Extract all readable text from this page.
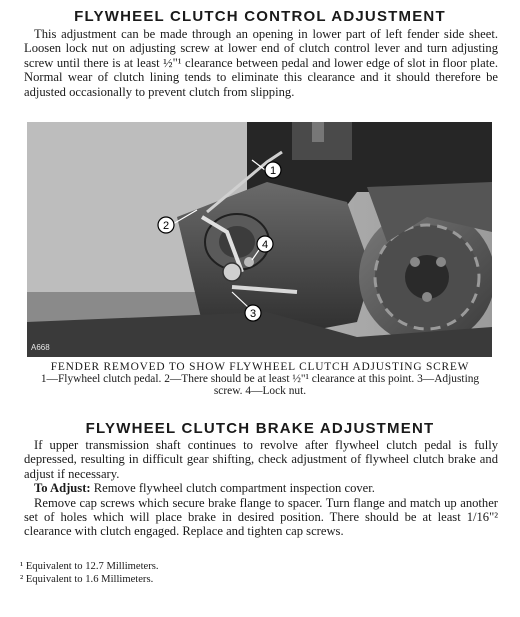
FLYWHEEL CLUTCH CONTROL ADJUSTMENT

This adjustment can be made through an opening in lower part of left fender side sheet. Loosen lock nut on adjusting screw at lower end of clutch control lever and turn adjusting screw until there is at least ½"¹ clearance between pedal and lower edge of slot in floor plate. Normal wear of clutch lining tends to eliminate this clearance and it should therefore be adjusted occasionally to prevent clutch from slipping.

1
2
3
4
A668
FENDER REMOVED TO SHOW FLYWHEEL CLUTCH ADJUSTING SCREW
1—Flywheel clutch pedal. 2—There should be at least ½"¹ clearance at this point. 3—Adjusting screw. 4—Lock nut.
FLYWHEEL CLUTCH BRAKE ADJUSTMENT

If upper transmission shaft continues to revolve after flywheel clutch pedal is fully depressed, resulting in difficult gear shifting, check adjustment of flywheel clutch brake and adjust if necessary.

To Adjust: Remove flywheel clutch compartment inspection cover.

Remove cap screws which secure brake flange to spacer. Turn flange and match up another set of holes which will place brake in desired position. There should be at least 1/16"² clearance with clutch engaged. Replace and tighten cap screws.

¹ Equivalent to 12.7 Millimeters.
² Equivalent to 1.6 Millimeters.
